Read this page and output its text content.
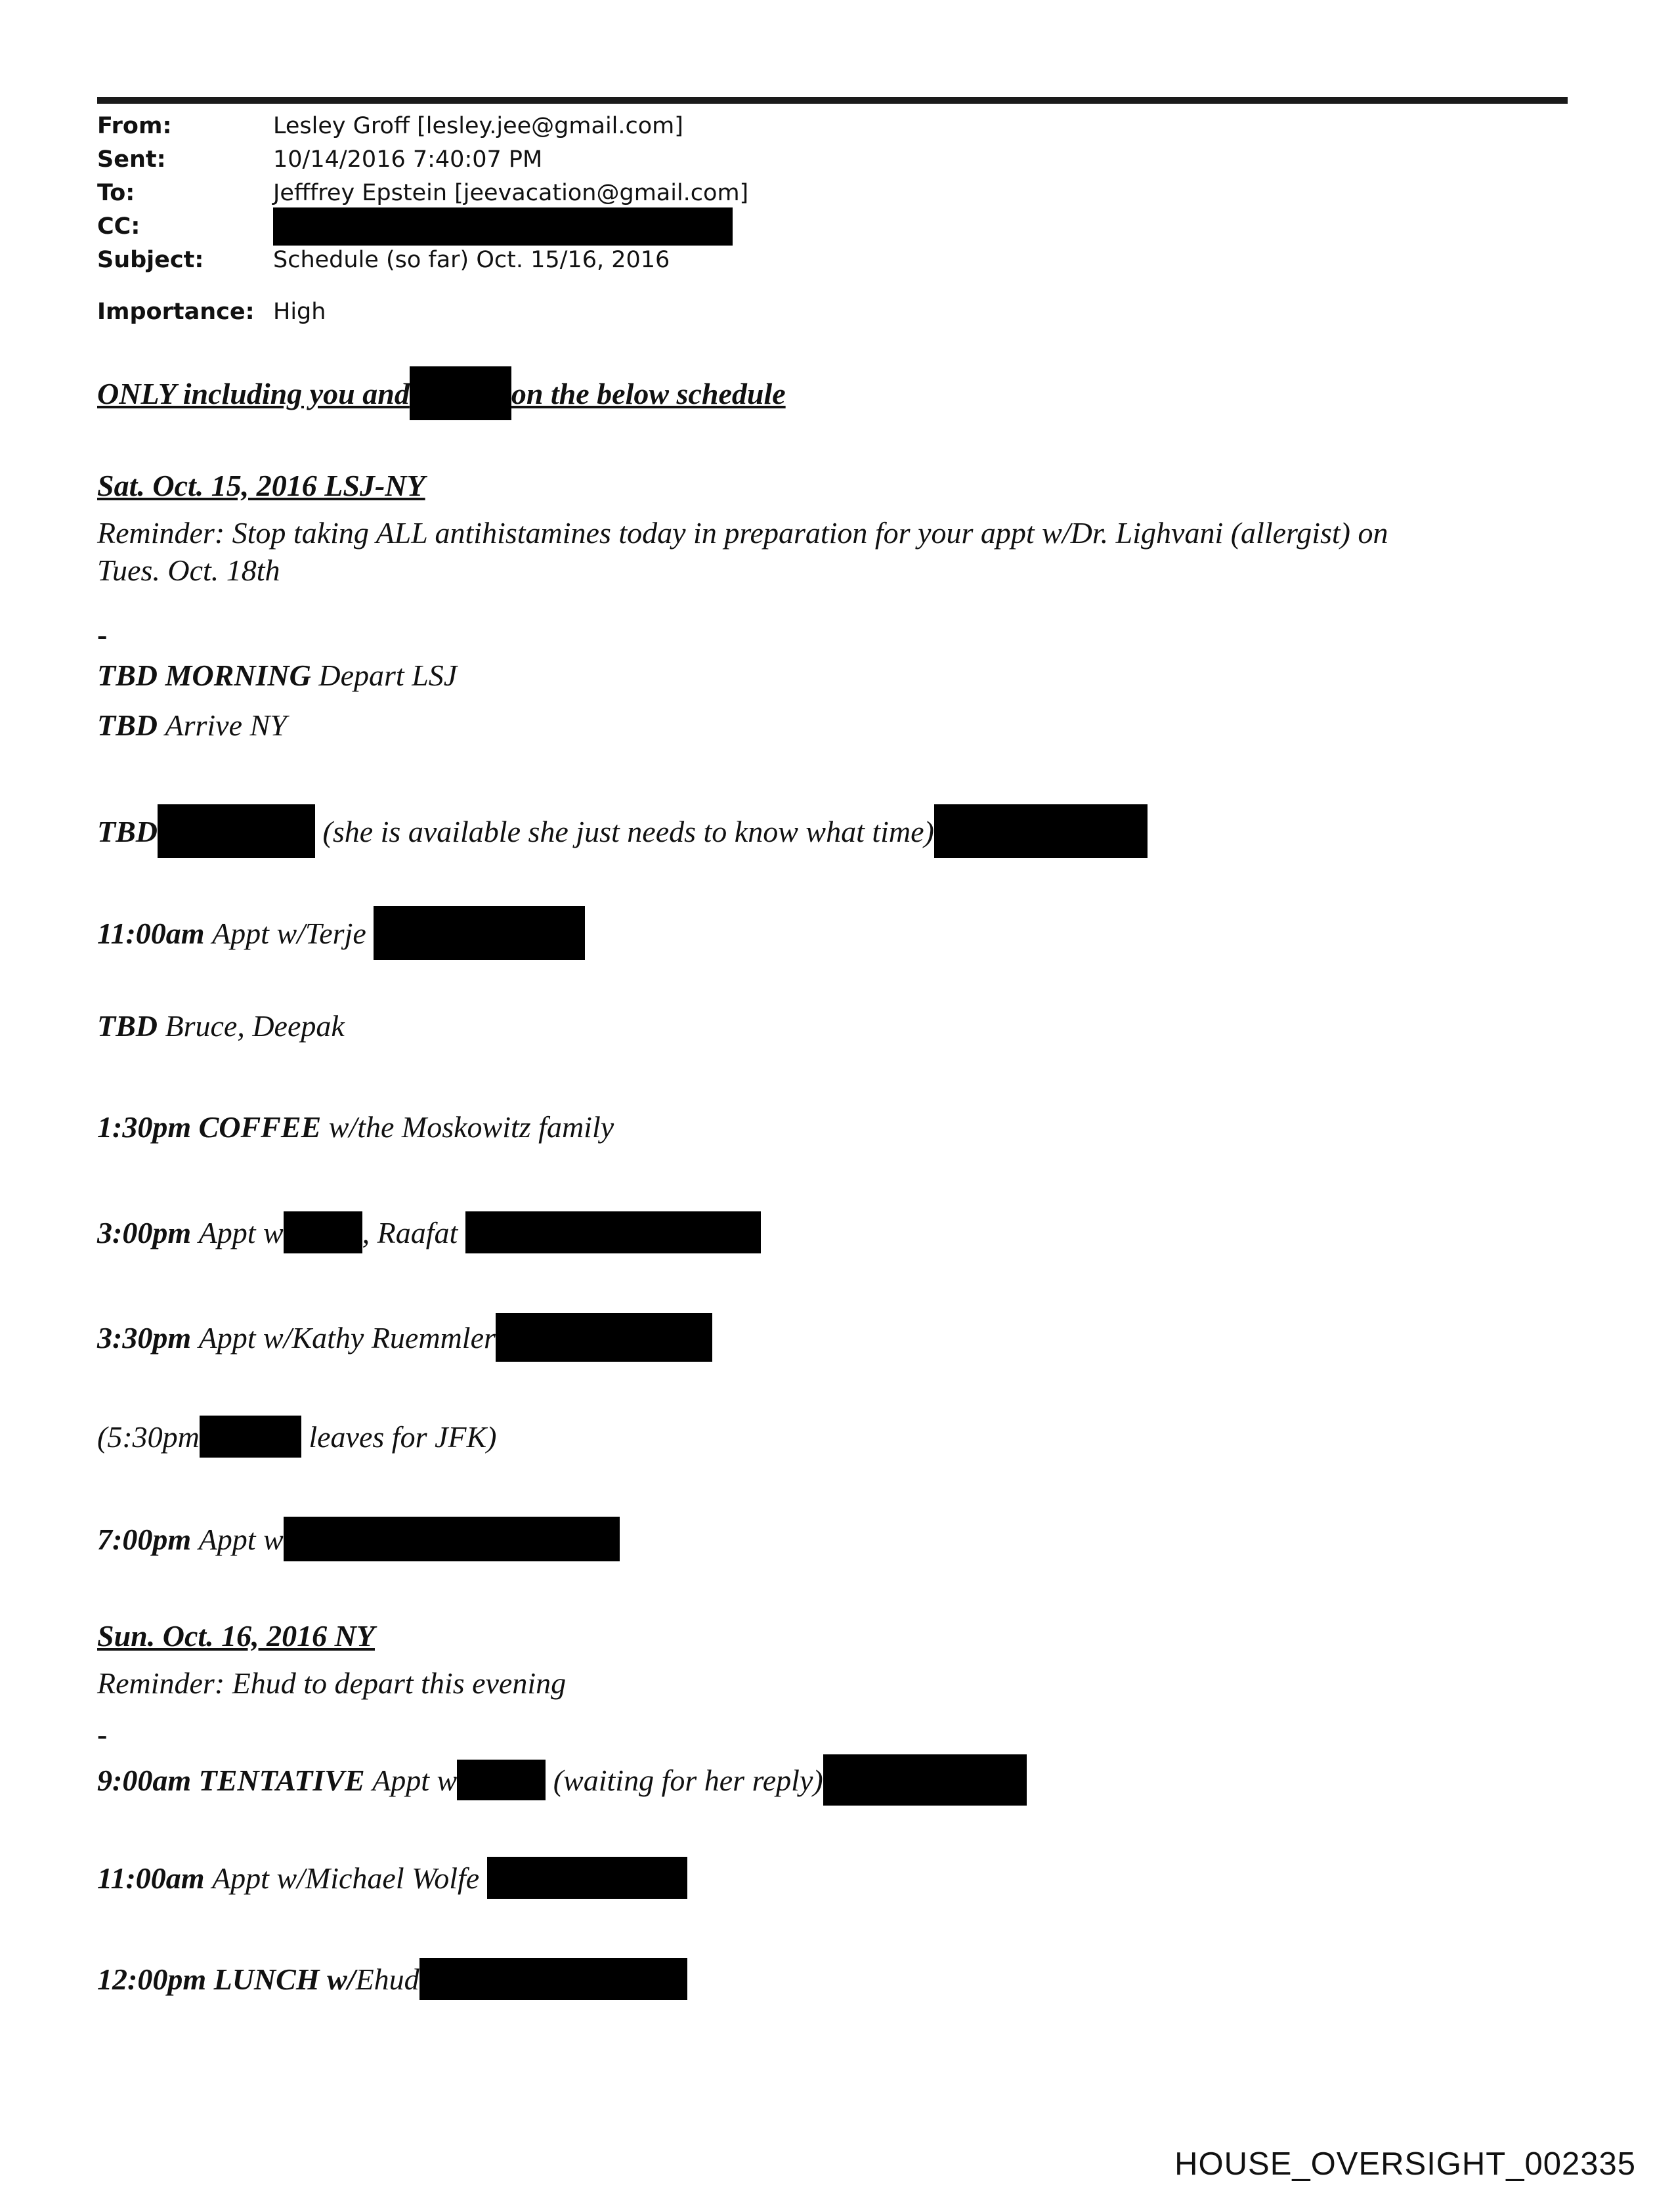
From:	Lesley Groff [lesley.jee@gmail.com]
Sent:	10/14/2016 7:40:07 PM
To:	Jefffrey Epstein [jeevacation@gmail.com]
CC:
Subject:	Schedule (so far) Oct. 15/16, 2016
Importance: High
ONLY including you and	on the below schedule
Sat. Oct. 15, 2016 LSJ-NY
Reminder: Stop taking ALL antihistamines today in preparation for your appt w/Dr. Lighvani (allergist) on
Tues. Oct. 18th
-
TBD MORNING
Depart LSJ
TBD
Arrive NY
TBD
	(she is available she just needs to know what time)
11:00am
Appt w/Terje

TBD
Bruce, Deepak
1:30pm COFFEE
w/the Moskowitz family
3:00pm
Appt w	, Raafat

3:30pm
Appt w/Kathy Ruemmler
(5:30pm
	leaves for JFK)
7:00pm
Appt w
Sun. Oct. 16, 2016 NY
Reminder: Ehud to depart this evening
-
9:00am TENTATIVE
Appt w
	(waiting for her reply)
11:00am
Appt w/Michael Wolfe

12:00pm LUNCH w/ Ehud
HOUSE_OVERSIGHT_002335
